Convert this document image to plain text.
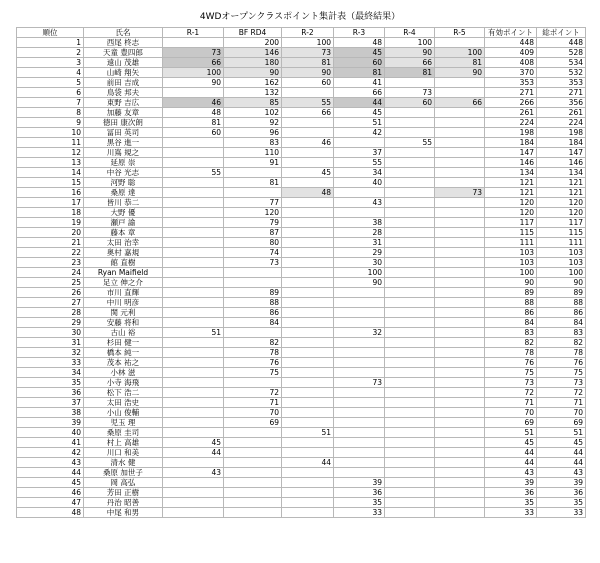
4WDオープンクラスポイント集計表（最終結果）
順位	氏名	R-1	BF RD4	R-2	R-3	R-4	R-5	有効ポイント	総ポイント
1	西尾 柊志		200	100	48	100		448	448
2	天童 豊四郎	73	146	73	45	90	100	409	528
3	遠山 茂雄	66	180	81	60	66	81	408	534
4	山崎 翔矢	100	90	90	81	81	90	370	532
5	前田 吉成	90	162	60	41			353	353
6	鳥袋 邦夫		132		66	73		271	271
7	東野 吉広	46	85	55	44	60	66	266	356
8	加藤 友章	48	102	66	45			261	261
9	徳田 康次朗	81	92		51			224	224
10	冨田 英司	60	96		42			198	198
11	黒谷 進一		83	46		55		184	184
12	川嶌 規之		110		37			147	147
13	延原 崇		91		55			146	146
14	中谷 光志	55		45	34			134	134
15	河野 聡		81		40			121	121
16	桑原 達			48			73	121	121
17	皆川 恭二		77		43			120	120
18	大野 優		120					120	120
19	瀬戸 諭		79		38			117	117
20	藤本 章		87		28			115	115
21	太田 治幸		80		31			111	111
22	奥村 嘉規		74		29			103	103
23	館 直樹		73		30			103	103
24	Ryan Maifield				100			100	100
25	足立 伸之介				90			90	90
26	市川 直輝		89					89	89
27	中川 明彦		88					88	88
28	関 元利		86					86	86
29	安藤 将和		84					84	84
30	古山 裕	51			32			83	83
31	杉田 健一		82					82	82
32	橋本 純一		78					78	78
33	茂本 祐之		76					76	76
34	小林 滋		75					75	75
35	小寺 海飛				73			73	73
36	松下 浩二		72					72	72
37	太田 浩史		71					71	71
38	小山 俊輔		70					70	70
39	児玉 理		69					69	69
40	桑原 圭司			51				51	51
41	村上 高雄	45						45	45
42	川口 和美	44						44	44
43	清水 健			44				44	44
44	桑原 加世子	43						43	43
45	岡 高弘				39			39	39
46	芳田 正樹				36			36	36
47	丹治 昭善				35			35	35
48	中尾 和男				33			33	33
